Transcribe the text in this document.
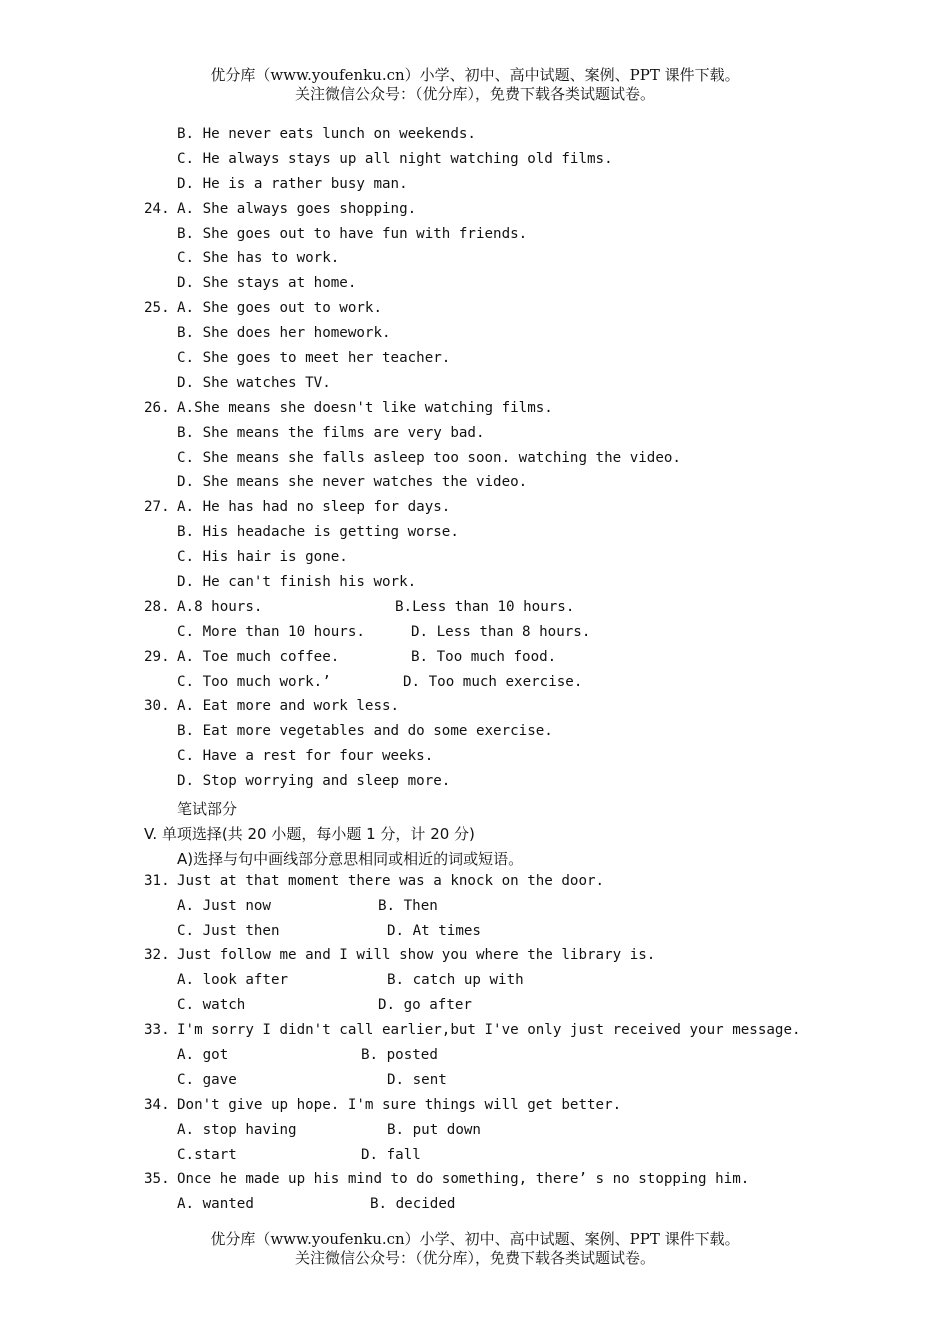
优分库（www.youfenku.cn）小学、初中、高中试题、案例、PPT 课件下载。
关注微信公众号：（优分库），免费下载各类试题试卷。
B. He never eats lunch on weekends.
C. He always stays up all night watching old films.
D. He is a rather busy man.
24. A. She always goes shopping.
B. She goes out to have fun with friends.
C. She has to work.
D. She stays at home.
25. A. She goes out to work.
B. She does her homework.
C. She goes to meet her teacher.
D. She watches TV.
26. A.She means she doesn't like watching films.
B. She means the films are very bad.
C. She means she falls asleep too soon. watching the video.
D. She means she never watches the video.
27. A. He has had no sleep for days.
B. His headache is getting worse.
C. His hair is gone.
D. He can't finish his work.
28. A.8 hours.	B.Less than 10 hours.
C. More than 10 hours.	D. Less than 8 hours.
29. A. Toe much coffee.	B. Too much food.
C. Too much work.’	D. Too much exercise.
30. A. Eat more and work less.
B. Eat more vegetables and do some exercise.
C. Have a rest for four weeks.
D. Stop worrying and sleep more.
笔试部分
V. 单项选择(共 20 小题，每小题 1 分，计 20 分)
A)选择与句中画线部分意思相同或相近的词或短语。
31. Just at that moment there was a knock on the door.
A. Just now	B. Then
C. Just then	D. At times
32. Just follow me and I will show you where the library is.
A. look after	B. catch up with
C. watch	D. go after
33. I'm sorry I didn't call earlier,but I've only just received your message.
A. got	B. posted
C. gave	D. sent
34. Don't give up hope. I'm sure things will get better.
A. stop having	B. put down
C.start	D. fall
35. Once he made up his mind to do something, there’ s no stopping him.
A. wanted	B. decided
优分库（www.youfenku.cn）小学、初中、高中试题、案例、PPT 课件下载。
关注微信公众号：（优分库），免费下载各类试题试卷。
